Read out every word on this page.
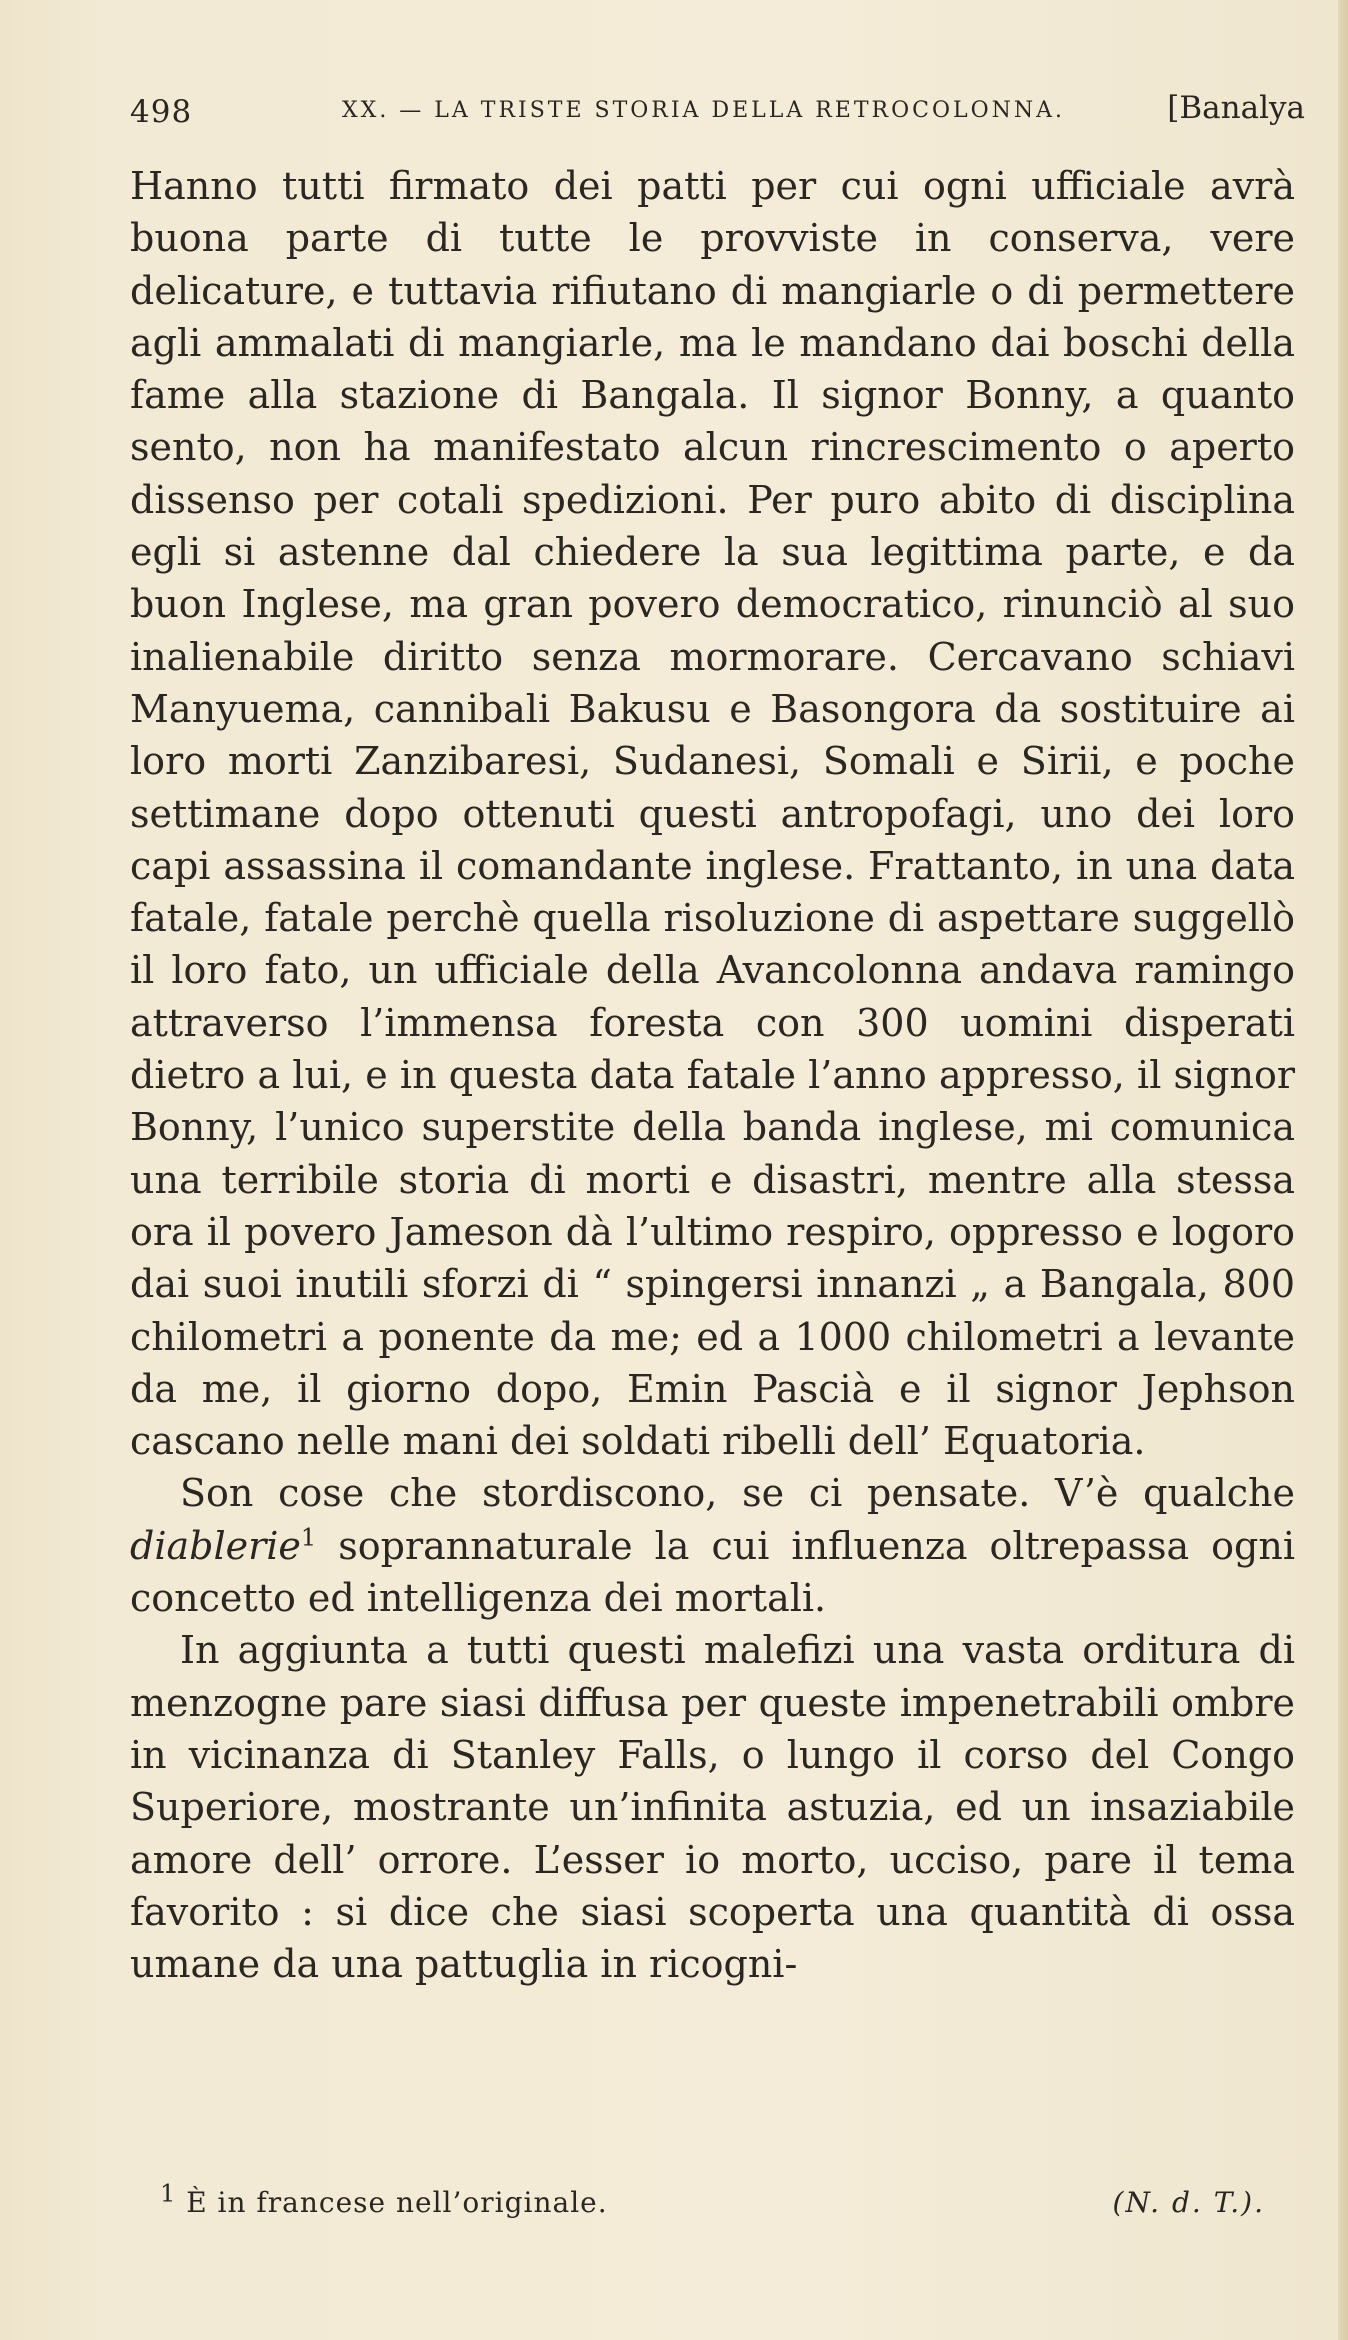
498	XX. — LA TRISTE STORIA DELLA RETROCOLONNA.	[Banalya

Hanno tutti firmato dei patti per cui ogni ufficiale avrà buona parte di tutte le provviste in conserva, vere delicature, e tuttavia rifiutano di mangiarle o di permettere agli ammalati di mangiarle, ma le mandano dai boschi della fame alla stazione di Bangala. Il signor Bonny, a quanto sento, non ha manifestato alcun rincrescimento o aperto dissenso per cotali spedizioni. Per puro abito di disciplina egli si astenne dal chiedere la sua legittima parte, e da buon Inglese, ma gran povero democratico, rinunciò al suo inalienabile diritto senza mormorare. Cercavano schiavi Manyuema, cannibali Bakusu e Basongora da sostituire ai loro morti Zanzibaresi, Sudanesi, Somali e Sirii, e poche settimane dopo ottenuti questi antropofagi, uno dei loro capi assassina il comandante inglese. Frattanto, in una data fatale, fatale perchè quella risoluzione di aspettare suggellò il loro fato, un ufficiale della Avancolonna andava ramingo attraverso l’immensa foresta con 300 uomini disperati dietro a lui, e in questa data fatale l’anno appresso, il signor Bonny, l’unico superstite della banda inglese, mi comunica una terribile storia di morti e disastri, mentre alla stessa ora il povero Jameson dà l’ultimo respiro, oppresso e logoro dai suoi inutili sforzi di “ spingersi innanzi „ a Bangala, 800 chilometri a ponente da me; ed a 1000 chilometri a levante da me, il giorno dopo, Emin Pascià e il signor Jephson cascano nelle mani dei soldati ribelli dell’ Equatoria.

Son cose che stordiscono, se ci pensate. V’è qualche diablerie$^1$ soprannaturale la cui influenza oltrepassa ogni concetto ed intelligenza dei mortali.

In aggiunta a tutti questi malefizi una vasta orditura di menzogne pare siasi diffusa per queste impenetrabili ombre in vicinanza di Stanley Falls, o lungo il corso del Congo Superiore, mostrante un’infinita astuzia, ed un insaziabile amore dell’ orrore. L’esser io morto, ucciso, pare il tema favorito : si dice che siasi scoperta una quantità di ossa umane da una pattuglia in ricogni-

$^1$ È in francese nell’originale.	(N. d. T.).
